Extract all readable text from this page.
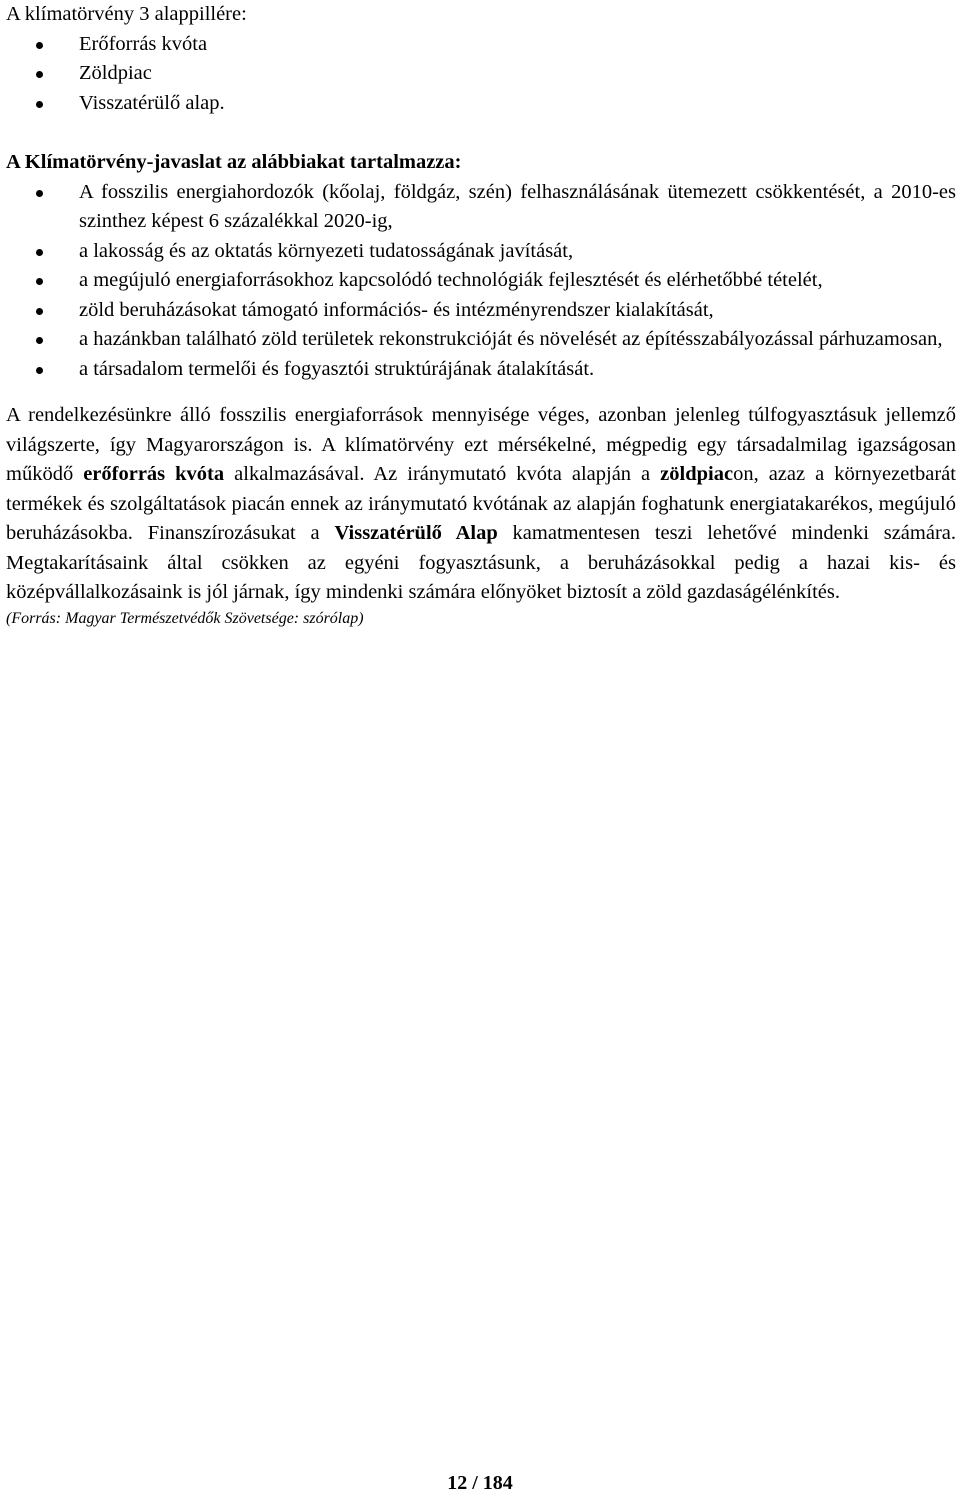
A klímatörvény 3 alappillére:

Erőforrás kvóta
Zöldpiac
Visszatérülő alap.

A Klímatörvény-javaslat az alábbiakat tartalmazza:

A fosszilis energiahordozók (kőolaj, földgáz, szén) felhasználásának ütemezett csökkentését, a 2010-es szinthez képest 6 százalékkal 2020-ig,
a lakosság és az oktatás környezeti tudatosságának javítását,
a megújuló energiaforrásokhoz kapcsolódó technológiák fejlesztését és elérhetőbbé tételét,
zöld beruházásokat támogató információs- és intézményrendszer kialakítását,
a hazánkban található zöld területek rekonstrukcióját és növelését az építésszabályozással párhuzamosan,
a társadalom termelői és fogyasztói struktúrájának átalakítását.

A rendelkezésünkre álló fosszilis energiaforrások mennyisége véges, azonban jelenleg túlfogyasztásuk jellemző világszerte, így Magyarországon is. A klímatörvény ezt mérsékelné, mégpedig egy társadalmilag igazságosan működő erőforrás kvóta alkalmazásával. Az iránymutató kvóta alapján a zöldpiacon, azaz a környezetbarát termékek és szolgáltatások piacán ennek az iránymutató kvótának az alapján foghatunk energiatakarékos, megújuló beruházásokba. Finanszírozásukat a Visszatérülő Alap kamatmentesen teszi lehetővé mindenki számára. Megtakarításaink által csökken az egyéni fogyasztásunk, a beruházásokkal pedig a hazai kis- és középvállalkozásaink is jól járnak, így mindenki számára előnyöket biztosít a zöld gazdaságélénkítés.

(Forrás: Magyar Természetvédők Szövetsége: szórólap)

12 / 184
